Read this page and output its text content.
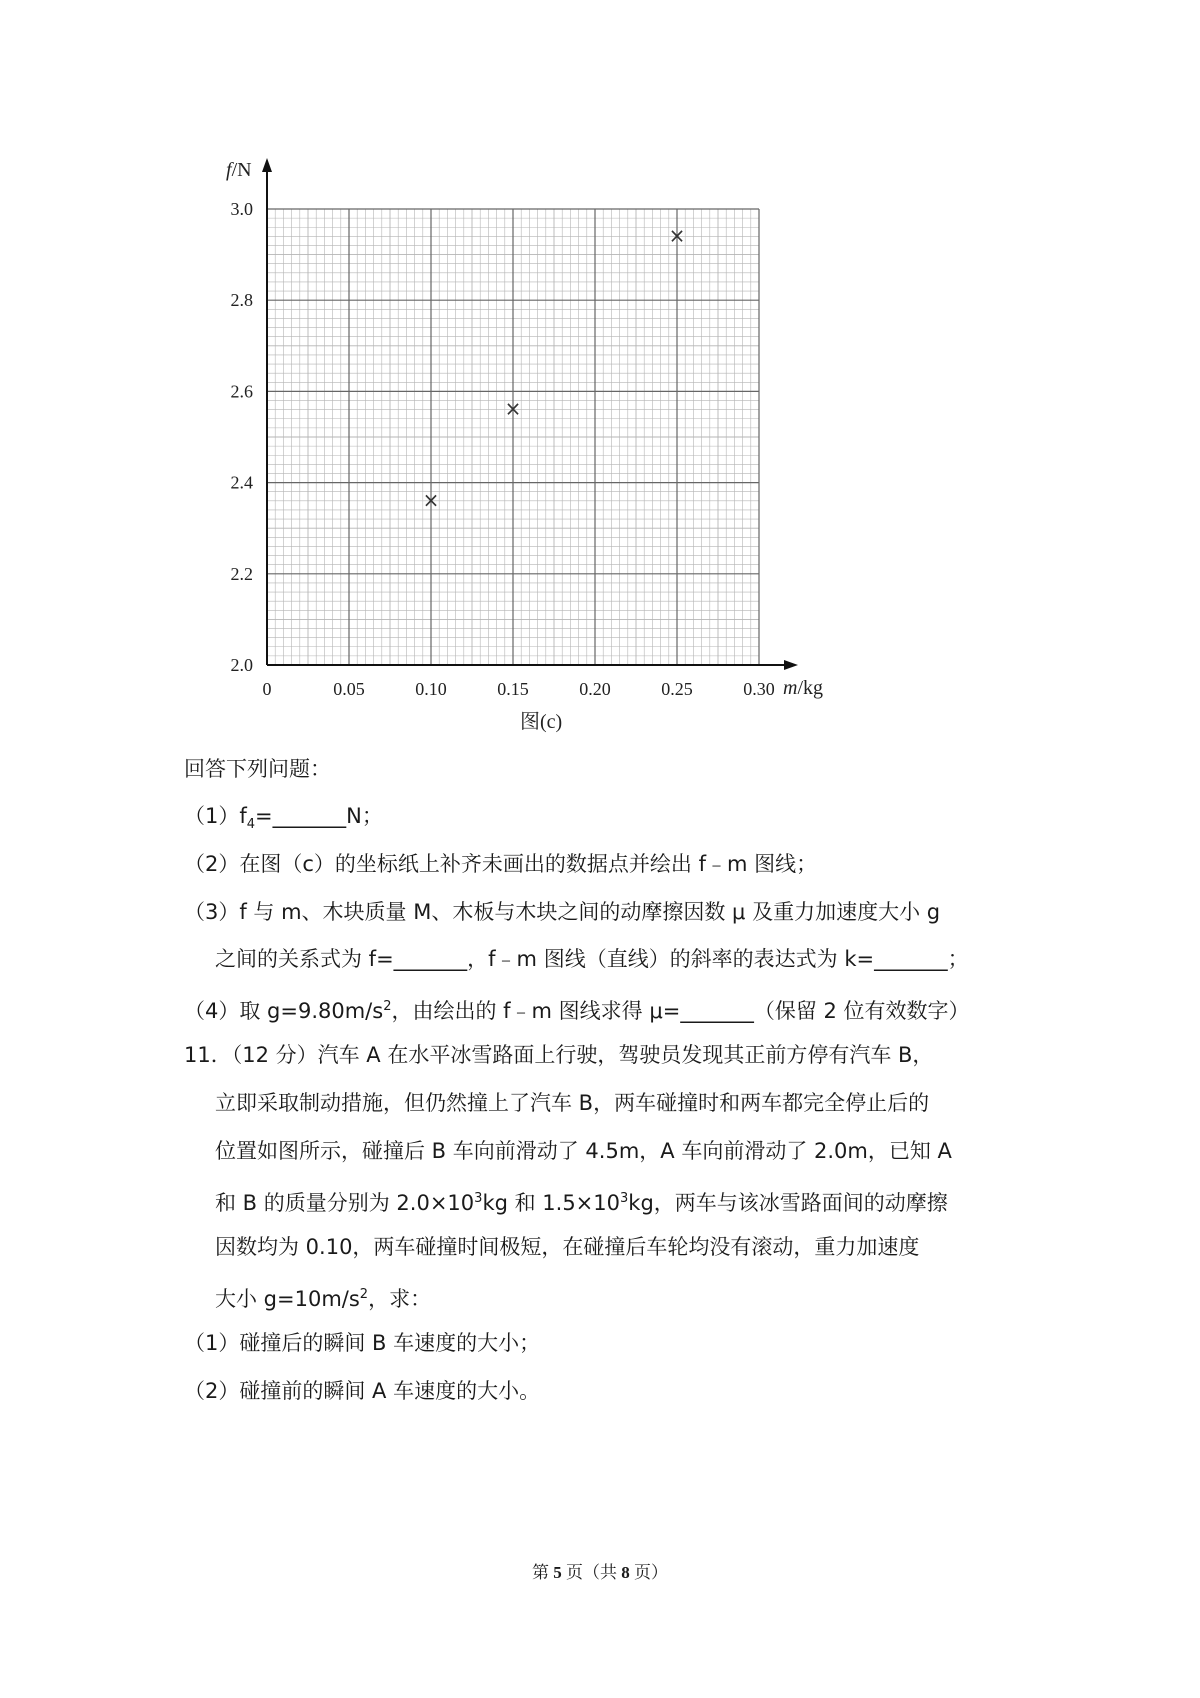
0	0.05	0.10	0.15	0.20	0.25	0.30
2.0
2.2
2.4
2.6
2.8
3.0
×
×
×
f/N
m/kg
图(c)
回答下列问题：
$(1)f_4=\_\_\_\_\_\_\_N$；
（2）在图（c）的坐标纸上补齐未画出的数据点并绘出 f﹣m 图线；
（3）f 与 m、木块质量 M、木板与木块之间的动摩擦因数 μ 及重力加速度大小 g
之间的关系式为 f=_______，f﹣m 图线（直线）的斜率的表达式为 k=_______；
（4）取 $g=9.80m/s^2$，由绘出的 f﹣m 图线求得 μ=_______（保留 2 位有效数字）
11．（12 分）汽车 A 在水平冰雪路面上行驶，驾驶员发现其正前方停有汽车 B，
立即采取制动措施，但仍然撞上了汽车 B，两车碰撞时和两车都完全停止后的
位置如图所示，碰撞后 B 车向前滑动了 4.5m，A 车向前滑动了 2.0m，已知 A
和 B 的质量分别为 $2.0\times 10^3kg$ 和 $1.5\times 10^3kg$，两车与该冰雪路面间的动摩擦
因数均为 0.10，两车碰撞时间极短，在碰撞后车轮均没有滚动，重力加速度
大小 $g=10m/s^2$，求：
（1）碰撞后的瞬间 B 车速度的大小；
（2）碰撞前的瞬间 A 车速度的大小。
第 5 页（共 8 页）
